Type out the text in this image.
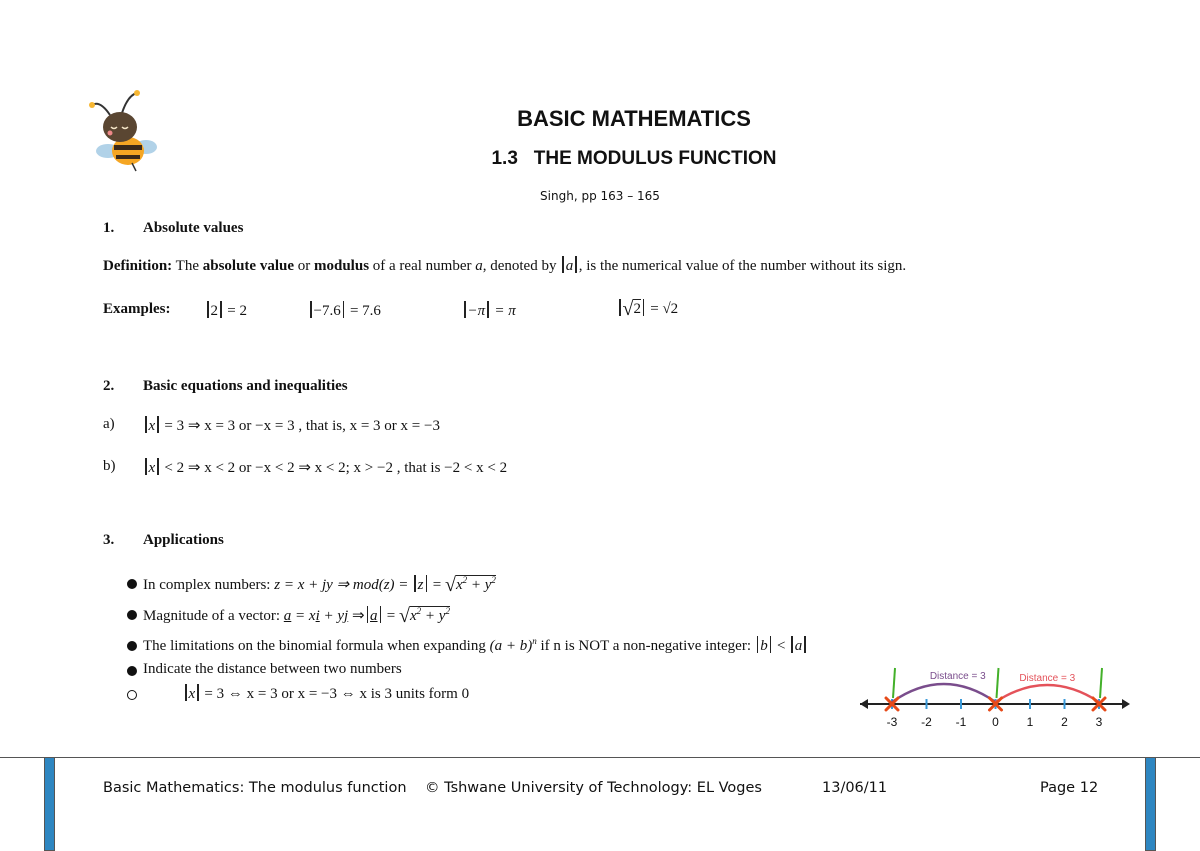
BASIC MATHEMATICS
1.3 THE MODULUS FUNCTION
Singh, pp 163 – 165
1. Absolute values
Definition: The absolute value or modulus of a real number a, denoted by a , is the numerical value of the number without its sign.
Examples:	2 = 2	−7.6 = 7.6	−π = π	√2 = √2
2. Basic equations and inequalities
a)	x = 3 ⇒ x = 3 or −x = 3 , that is, x = 3 or x = −3
b)	x < 2 ⇒ x < 2 or −x < 2 ⇒ x < 2; x > −2 , that is −2 < x < 2
3. Applications
In complex numbers: z = x + jy ⇒ $mod(z) = z = √x^2 + y^2$
Magnitude of a vector: a = xi + yj ⇒ $a = √x^2 + y^2$
The limitations on the binomial formula when expanding $(a + b)^n$ if n is NOT a non-negative integer: b < a
Indicate the distance between two numbers
x = 3 ⇔ x = 3 or x = −3 ⇔ x is 3 units form 0
-3 -2 -1 0 1 2 3
Distance = 3	Distance = 3
Basic Mathematics: The modulus function © Tshwane University of Technology: EL Voges	13/06/11	Page 12
